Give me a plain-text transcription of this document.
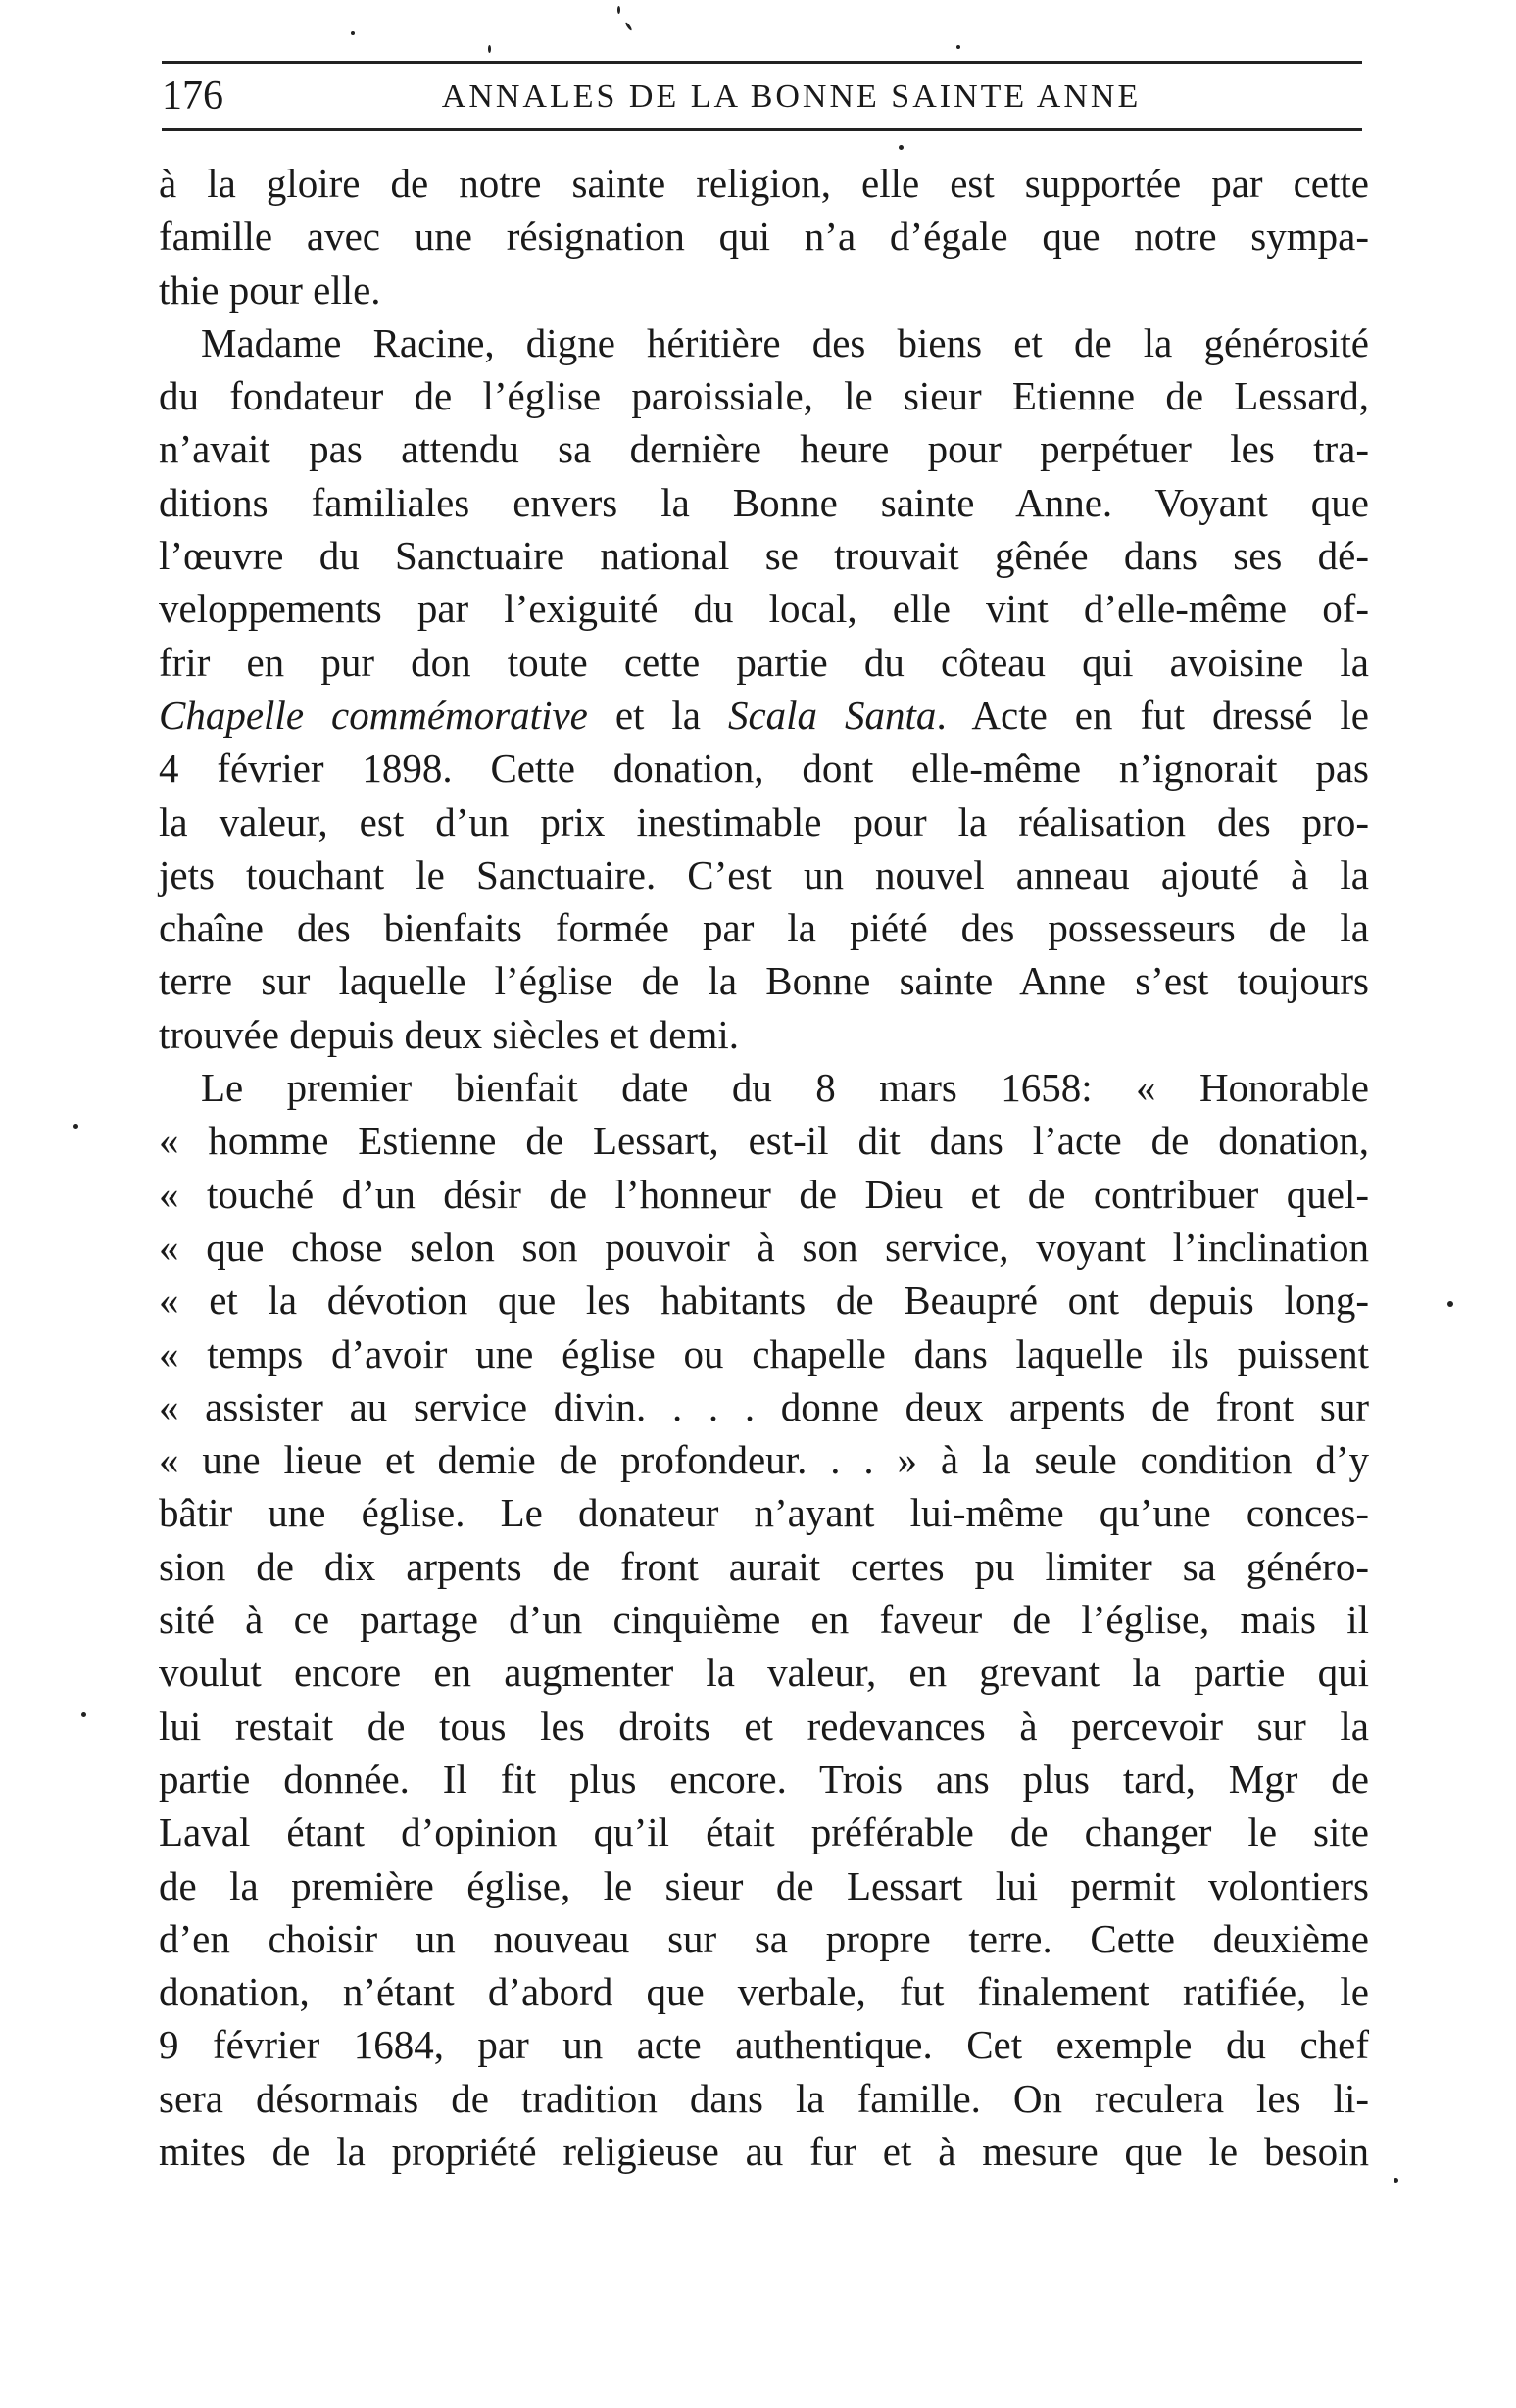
176	ANNALES DE LA BONNE SAINTE ANNE
à la gloire de notre sainte religion, elle est supportée par cette
famille avec une résignation qui n’a d’égale que notre sympa-
thie pour elle.
Madame Racine, digne héritière des biens et de la générosité
du fondateur de l’église paroissiale, le sieur Etienne de Lessard,
n’avait pas attendu sa dernière heure pour perpétuer les tra-
ditions familiales envers la Bonne sainte Anne. Voyant que
l’œuvre du Sanctuaire national se trouvait gênée dans ses dé-
veloppements par l’exiguité du local, elle vint d’elle-même of-
frir en pur don toute cette partie du côteau qui avoisine la
Chapelle commémorative et la Scala Santa. Acte en fut dressé le
4 février 1898. Cette donation, dont elle-même n’ignorait pas
la valeur, est d’un prix inestimable pour la réalisation des pro-
jets touchant le Sanctuaire. C’est un nouvel anneau ajouté à la
chaîne des bienfaits formée par la piété des possesseurs de la
terre sur laquelle l’église de la Bonne sainte Anne s’est toujours
trouvée depuis deux siècles et demi.
Le premier bienfait date du 8 mars 1658: « Honorable
« homme Estienne de Lessart, est-il dit dans l’acte de donation,
« touché d’un désir de l’honneur de Dieu et de contribuer quel-
« que chose selon son pouvoir à son service, voyant l’inclination
« et la dévotion que les habitants de Beaupré ont depuis long-
« temps d’avoir une église ou chapelle dans laquelle ils puissent
« assister au service divin. . . . donne deux arpents de front sur
« une lieue et demie de profondeur. . . » à la seule condition d’y
bâtir une église. Le donateur n’ayant lui-même qu’une conces-
sion de dix arpents de front aurait certes pu limiter sa généro-
sité à ce partage d’un cinquième en faveur de l’église, mais il
voulut encore en augmenter la valeur, en grevant la partie qui
lui restait de tous les droits et redevances à percevoir sur la
partie donnée. Il fit plus encore. Trois ans plus tard, Mgr de
Laval étant d’opinion qu’il était préférable de changer le site
de la première église, le sieur de Lessart lui permit volontiers
d’en choisir un nouveau sur sa propre terre. Cette deuxième
donation, n’étant d’abord que verbale, fut finalement ratifiée, le
9 février 1684, par un acte authentique. Cet exemple du chef
sera désormais de tradition dans la famille. On reculera les li-
mites de la propriété religieuse au fur et à mesure que le besoin
